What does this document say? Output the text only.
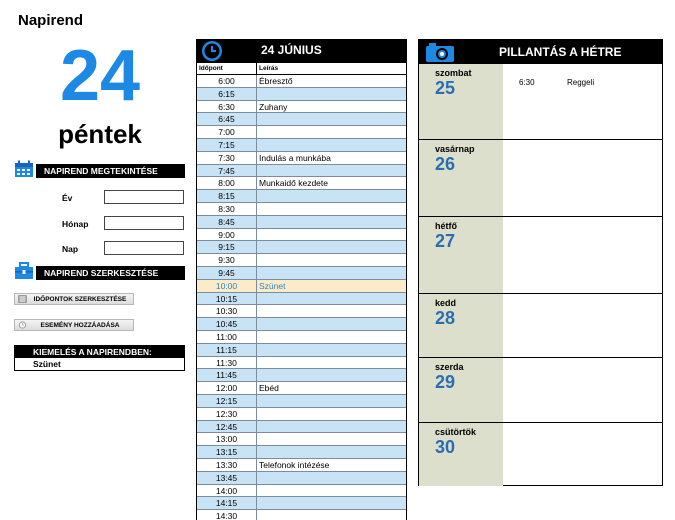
Napirend
24
péntek
NAPIREND MEGTEKINTÉSE
Év
Hónap
Nap
NAPIREND SZERKESZTÉSE
IDŐPONTOK SZERKESZTÉSE
ESEMÉNY HOZZÁADÁSA
KIEMELÉS A NAPIRENDBEN:
Szünet
24 JÚNIUS
Időpont	Leírás
6:00	Ébresztő
6:15
6:30	Zuhany
6:45
7:00
7:15
7:30	Indulás a munkába
7:45
8:00	Munkaidő kezdete
8:15
8:30
8:45
9:00
9:15
9:30
9:45
10:00	Szünet
10:15
10:30
10:45
11:00
11:15
11:30
11:45
12:00	Ebéd
12:15
12:30
12:45
13:00
13:15
13:30	Telefonok intézése
13:45
14:00
14:15
14:30
PILLANTÁS A HÉTRE
szombat
25	6:30	Reggeli
vasárnap
26
hétfő
27
kedd
28
szerda
29
csütörtök
30
